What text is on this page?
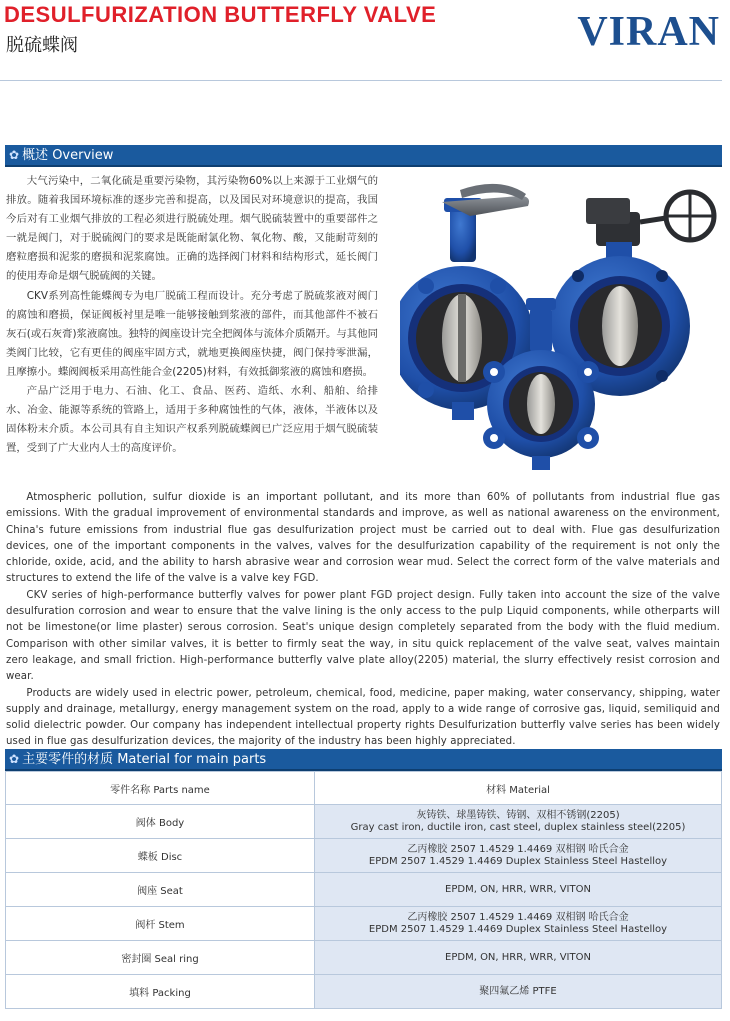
DESULFURIZATION BUTTERFLY VALVE
脱硫蝶阀	VIRAN
✿ 概述 Overview

大气污染中，二氧化硫是重要污染物，其污染物60%以上来源于工业烟气的排放。随着我国环境标准的逐步完善和提高，以及国民对环境意识的提高，我国今后对有工业烟气排放的工程必须进行脱硫处理。烟气脱硫装置中的重要部件之一就是阀门，对于脱硫阀门的要求是既能耐氯化物、氧化物、酸，又能耐苛刻的磨粒磨损和泥浆的磨损和泥浆腐蚀。正确的选择阀门材料和结构形式，延长阀门的使用寿命是烟气脱硫阀的关键。

CKV系列高性能蝶阀专为电厂脱硫工程而设计。充分考虑了脱硫浆液对阀门的腐蚀和磨损，保证阀板衬里是唯一能够接触到浆液的部件，而其他部件不被石灰石(或石灰膏)浆液腐蚀。独特的阀座设计完全把阀体与流体介质隔开。与其他同类阀门比较，它有更佳的阀座牢固方式，就地更换阀座快捷，阀门保持零泄漏，且摩擦小。蝶阀阀板采用高性能合金(2205)材料，有效抵御浆液的腐蚀和磨损。

产品广泛用于电力、石油、化工、食品、医药、造纸、水利、船舶、给排水、冶金、能源等系统的管路上，适用于多种腐蚀性的气体，液体，半液体以及固体粉末介质。本公司具有自主知识产权系列脱硫蝶阀已广泛应用于烟气脱硫装置，受到了广大业内人士的高度评价。

Atmospheric pollution, sulfur dioxide is an important pollutant, and its more than 60% of pollutants from industrial flue gas emissions. With the gradual improvement of environmental standards and improve, as well as national awareness on the environment, China's future emissions from industrial flue gas desulfurization project must be carried out to deal with. Flue gas desulfurization devices, one of the important components in the valves, valves for the desulfurization capability of the requirement is not only the chloride, oxide, acid, and the ability to harsh abrasive wear and corrosion wear mud. Select the correct form of the valve materials and structures to extend the life of the valve is a valve key FGD.

CKV series of high-performance butterfly valves for power plant FGD project design. Fully taken into account the size of the valve desulfuration corrosion and wear to ensure that the valve lining is the only access to the pulp Liquid components, while otherparts will not be limestone(or lime plaster) serous corrosion. Seat's unique design completely separated from the body with the fluid medium. Comparison with other similar valves, it is better to firmly seat the way, in situ quick replacement of the valve seat, valves maintain zero leakage, and small friction. High-performance butterfly valve plate alloy(2205) material, the slurry effectively resist corrosion and wear.

Products are widely used in electric power, petroleum, chemical, food, medicine, paper making, water conservancy, shipping, water supply and drainage, metallurgy, energy management system on the road, apply to a wide range of corrosive gas, liquid, semiliquid and solid dielectric powder. Our company has independent intellectual property rights Desulfurization butterfly valve series has been widely used in flue gas desulfurization devices, the majority of the industry has been highly appreciated.

✿ 主要零件的材质 Material for main parts
零件名称 Parts name	材料 Material
阀体 Body	灰铸铁、球墨铸铁、铸钢、双相不锈钢(2205)
Gray cast iron, ductile iron, cast steel, duplex stainless steel(2205)

蝶板 Disc	乙丙橡胶 2507 1.4529 1.4469 双相钢 哈氏合金
EPDM 2507 1.4529 1.4469 Duplex Stainless Steel Hastelloy

阀座 Seat	EPDM, ON, HRR, WRR, VITON

阀杆 Stem	乙丙橡胶 2507 1.4529 1.4469 双相钢 哈氏合金
EPDM 2507 1.4529 1.4469 Duplex Stainless Steel Hastelloy

密封圈 Seal ring	EPDM, ON, HRR, WRR, VITON

填料 Packing	聚四氟乙烯 PTFE
